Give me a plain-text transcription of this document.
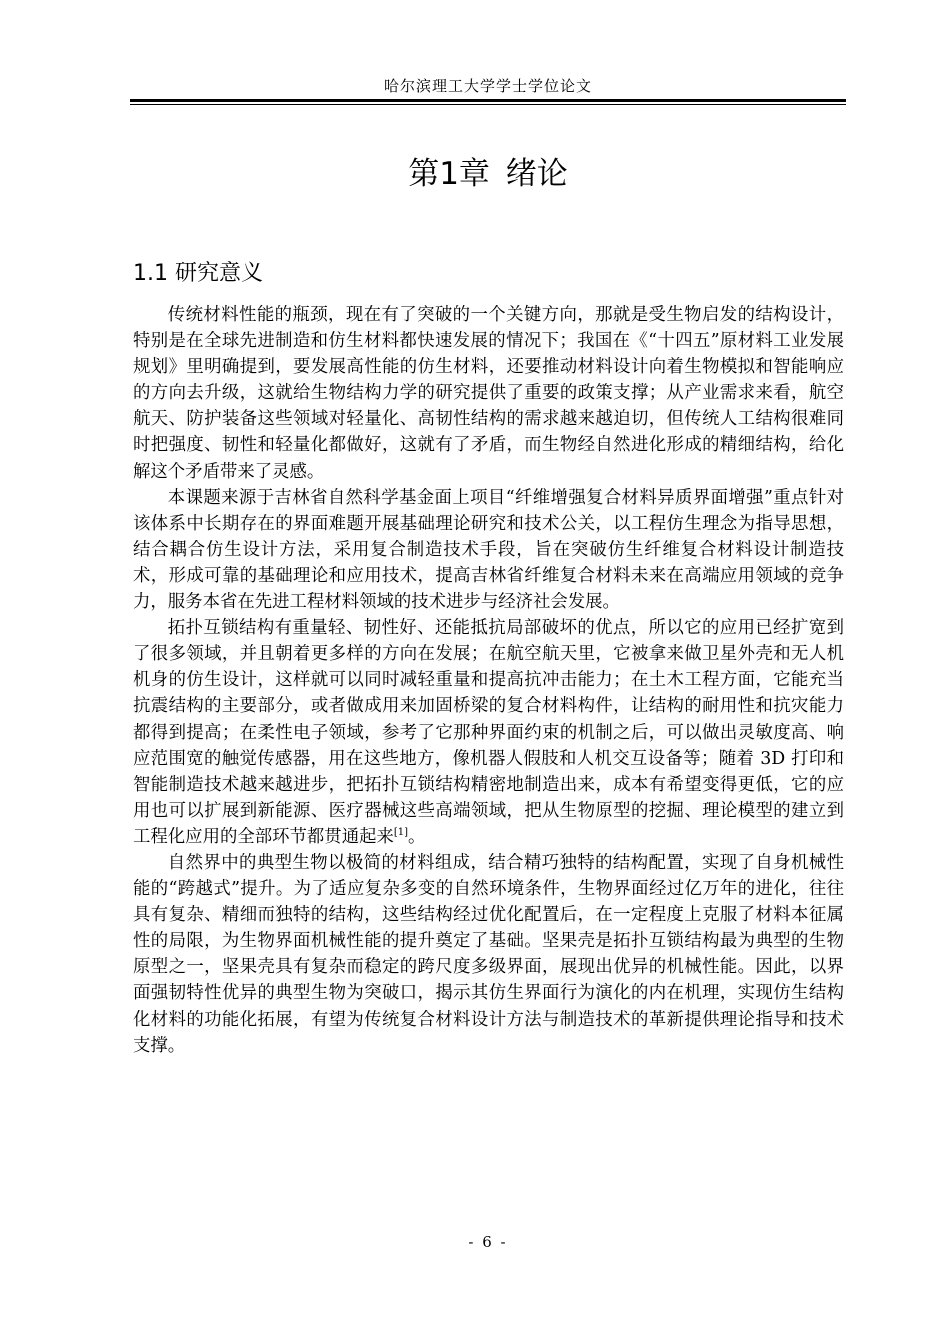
哈尔滨理工大学学士学位论文
第1章 绪论
1.1 研究意义

传统材料性能的瓶颈，现在有了突破的一个关键方向，那就是受生物启发的结构设计，特别是在全球先进制造和仿生材料都快速发展的情况下；我国在《“十四五”原材料工业发展规划》里明确提到，要发展高性能的仿生材料，还要推动材料设计向着生物模拟和智能响应的方向去升级，这就给生物结构力学的研究提供了重要的政策支撑；从产业需求来看，航空航天、防护装备这些领域对轻量化、高韧性结构的需求越来越迫切，但传统人工结构很难同时把强度、韧性和轻量化都做好，这就有了矛盾，而生物经自然进化形成的精细结构，给化解这个矛盾带来了灵感。

本课题来源于吉林省自然科学基金面上项目“纤维增强复合材料异质界面增强”重点针对该体系中长期存在的界面难题开展基础理论研究和技术公关，以工程仿生理念为指导思想，结合耦合仿生设计方法，采用复合制造技术手段，旨在突破仿生纤维复合材料设计制造技术，形成可靠的基础理论和应用技术，提高吉林省纤维复合材料未来在高端应用领域的竞争力，服务本省在先进工程材料领域的技术进步与经济社会发展。

拓扑互锁结构有重量轻、韧性好、还能抵抗局部破坏的优点，所以它的应用已经扩宽到了很多领域，并且朝着更多样的方向在发展；在航空航天里，它被拿来做卫星外壳和无人机机身的仿生设计，这样就可以同时减轻重量和提高抗冲击能力；在土木工程方面，它能充当抗震结构的主要部分，或者做成用来加固桥梁的复合材料构件，让结构的耐用性和抗灾能力都得到提高；在柔性电子领域，参考了它那种界面约束的机制之后，可以做出灵敏度高、响应范围宽的触觉传感器，用在这些地方，像机器人假肢和人机交互设备等；随着 3D 打印和智能制造技术越来越进步，把拓扑互锁结构精密地制造出来，成本有希望变得更低，它的应用也可以扩展到新能源、医疗器械这些高端领域，把从生物原型的挖掘、理论模型的建立到工程化应用的全部环节都贯通起来[1]。

自然界中的典型生物以极简的材料组成，结合精巧独特的结构配置，实现了自身机械性能的“跨越式”提升。为了适应复杂多变的自然环境条件，生物界面经过亿万年的进化，往往具有复杂、精细而独特的结构，这些结构经过优化配置后，在一定程度上克服了材料本征属性的局限，为生物界面机械性能的提升奠定了基础。坚果壳是拓扑互锁结构最为典型的生物原型之一，坚果壳具有复杂而稳定的跨尺度多级界面，展现出优异的机械性能。因此，以界面强韧特性优异的典型生物为突破口，揭示其仿生界面行为演化的内在机理，实现仿生结构化材料的功能化拓展，有望为传统复合材料设计方法与制造技术的革新提供理论指导和技术支撑。

- 6 -
